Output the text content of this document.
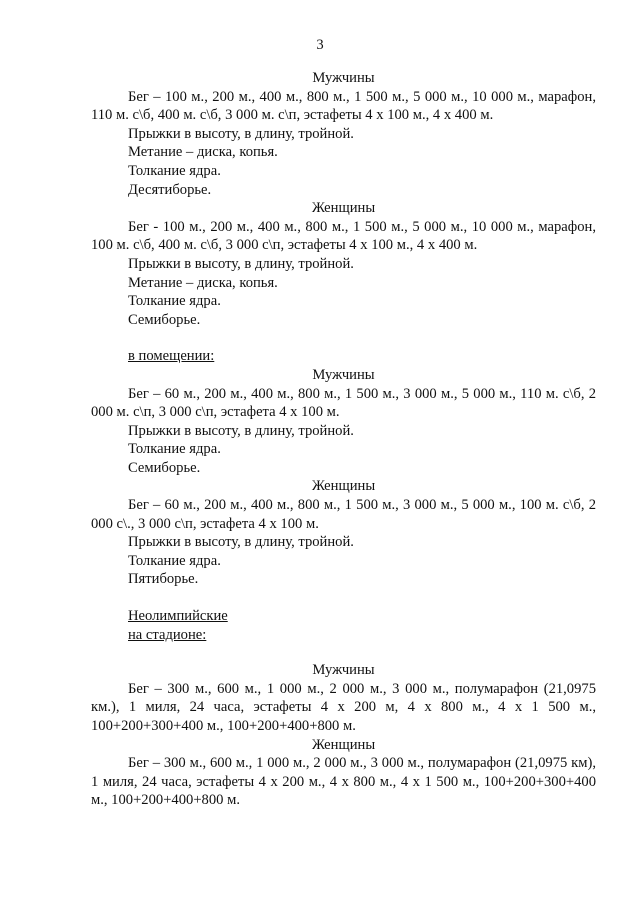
3

Мужчины

Бег – 100 м., 200 м., 400 м., 800 м., 1 500 м., 5 000 м., 10 000 м., марафон, 110 м. с\б, 400 м. с\б, 3 000 м. с\п, эстафеты 4 х 100 м., 4 х 400 м.

Прыжки в высоту, в длину, тройной.

Метание – диска, копья.

Толкание ядра.

Десятиборье.

Женщины

Бег - 100 м., 200 м., 400 м., 800 м., 1 500 м., 5 000 м., 10 000 м., марафон, 100 м. с\б, 400 м. с\б, 3 000 с\п, эстафеты 4 х 100 м., 4 х 400 м.

Прыжки в высоту, в длину, тройной.

Метание – диска, копья.

Толкание ядра.

Семиборье.

в помещении:

Мужчины

Бег – 60 м., 200 м., 400 м., 800 м., 1 500 м., 3 000 м., 5 000 м., 110 м. с\б, 2 000 м. с\п, 3 000 с\п, эстафета 4 х 100 м.

Прыжки в высоту, в длину, тройной.

Толкание ядра.

Семиборье.

Женщины

Бег – 60 м., 200 м., 400 м., 800 м., 1 500 м., 3 000 м., 5 000 м., 100 м. с\б, 2 000 с\., 3 000 с\п, эстафета 4 х 100 м.

Прыжки в высоту, в длину, тройной.

Толкание ядра.

Пятиборье.

Неолимпийские

на стадионе:

Мужчины

Бег – 300 м., 600 м., 1 000 м., 2 000 м., 3 000 м., полумарафон (21,0975 км.), 1 миля, 24 часа, эстафеты 4 х 200 м, 4 х 800 м., 4 х 1 500 м., 100+200+300+400 м., 100+200+400+800 м.

Женщины

Бег – 300 м., 600 м., 1 000 м., 2 000 м., 3 000 м., полумарафон (21,0975 км), 1 миля, 24 часа, эстафеты 4 х 200 м., 4 х 800 м., 4 х 1 500 м., 100+200+300+400 м., 100+200+400+800 м.
